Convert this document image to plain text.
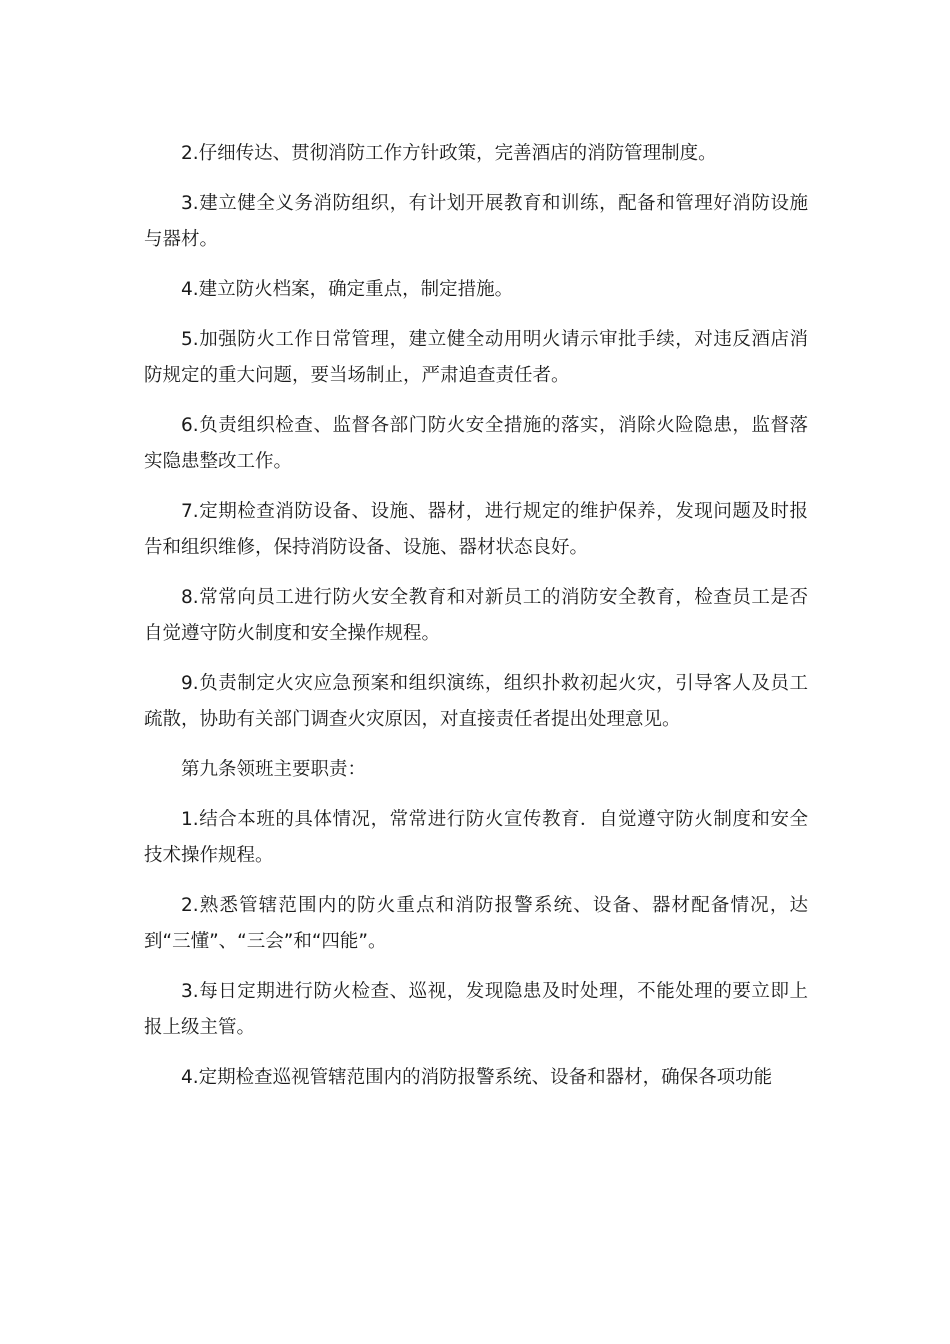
2.仔细传达、贯彻消防工作方针政策，完善酒店的消防管理制度。

3.建立健全义务消防组织，有计划开展教育和训练，配备和管理好消防设施与器材。

4.建立防火档案，确定重点，制定措施。

5.加强防火工作日常管理，建立健全动用明火请示审批手续，对违反酒店消防规定的重大问题，要当场制止，严肃追查责任者。

6.负责组织检查、监督各部门防火安全措施的落实，消除火险隐患，监督落实隐患整改工作。

7.定期检查消防设备、设施、器材，进行规定的维护保养，发现问题及时报告和组织维修，保持消防设备、设施、器材状态良好。

8.常常向员工进行防火安全教育和对新员工的消防安全教育，检查员工是否自觉遵守防火制度和安全操作规程。

9.负责制定火灾应急预案和组织演练，组织扑救初起火灾，引导客人及员工疏散，协助有关部门调查火灾原因，对直接责任者提出处理意见。

第九条领班主要职责：

1.结合本班的具体情况，常常进行防火宣传教育．自觉遵守防火制度和安全技术操作规程。

2.熟悉管辖范围内的防火重点和消防报警系统、设备、器材配备情况，达到“三懂”、“三会”和“四能”。

3.每日定期进行防火检查、巡视，发现隐患及时处理，不能处理的要立即上报上级主管。

4.定期检查巡视管辖范围内的消防报警系统、设备和器材，确保各项功能
